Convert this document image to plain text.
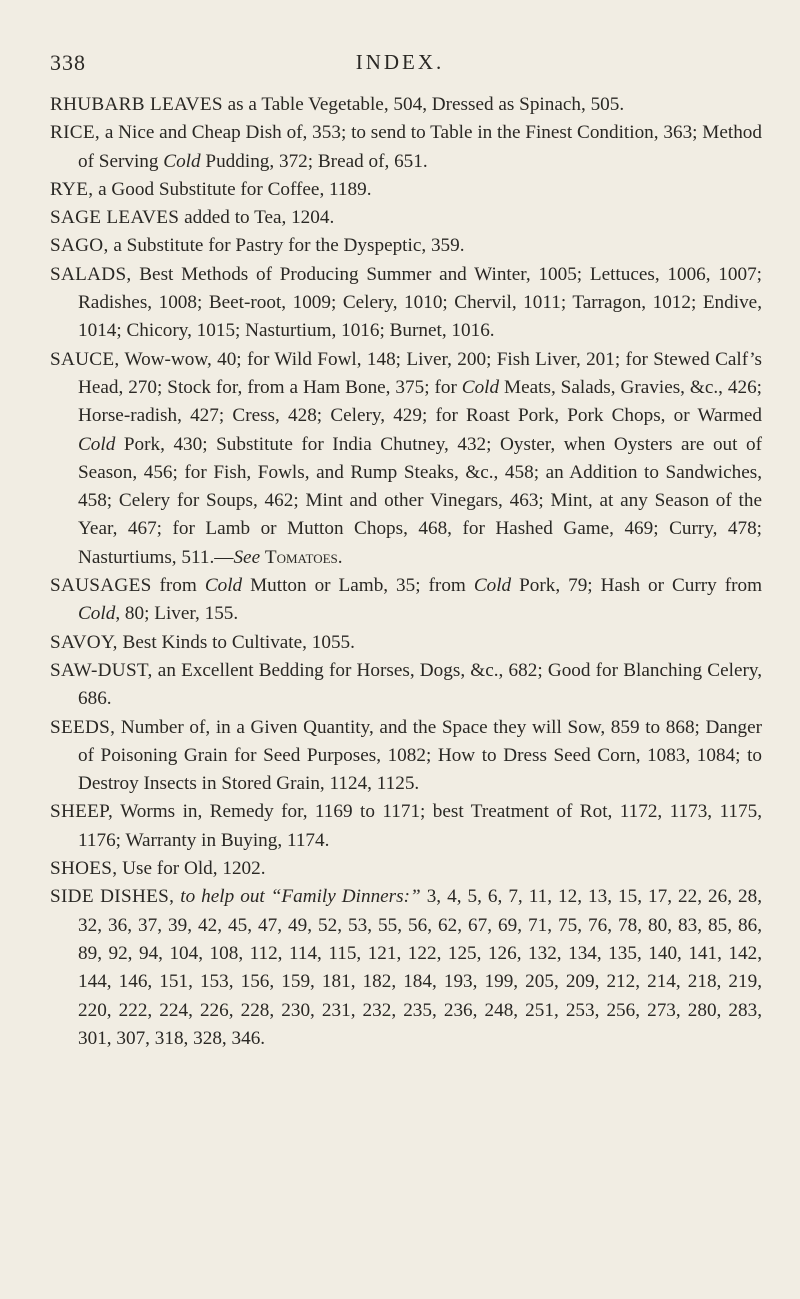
338	INDEX.
RHUBARB LEAVES as a Table Vegetable, 504, Dressed as Spinach, 505.
RICE, a Nice and Cheap Dish of, 353; to send to Table in the Finest Condition, 363; Method of Serving Cold Pudding, 372; Bread of, 651.
RYE, a Good Substitute for Coffee, 1189.
SAGE LEAVES added to Tea, 1204.
SAGO, a Substitute for Pastry for the Dyspeptic, 359.
SALADS, Best Methods of Producing Summer and Winter, 1005; Lettuces, 1006, 1007; Radishes, 1008; Beet-root, 1009; Celery, 1010; Chervil, 1011; Tarragon, 1012; Endive, 1014; Chicory, 1015; Nasturtium, 1016; Burnet, 1016.
SAUCE, Wow-wow, 40; for Wild Fowl, 148; Liver, 200; Fish Liver, 201; for Stewed Calf’s Head, 270; Stock for, from a Ham Bone, 375; for Cold Meats, Salads, Gravies, &c., 426; Horse-radish, 427; Cress, 428; Celery, 429; for Roast Pork, Pork Chops, or Warmed Cold Pork, 430; Substitute for India Chutney, 432; Oyster, when Oysters are out of Season, 456; for Fish, Fowls, and Rump Steaks, &c., 458; an Addition to Sandwiches, 458; Celery for Soups, 462; Mint and other Vinegars, 463; Mint, at any Season of the Year, 467; for Lamb or Mutton Chops, 468, for Hashed Game, 469; Curry, 478; Nasturtiums, 511.—See Tomatoes.
SAUSAGES from Cold Mutton or Lamb, 35; from Cold Pork, 79; Hash or Curry from Cold, 80; Liver, 155.
SAVOY, Best Kinds to Cultivate, 1055.
SAW-DUST, an Excellent Bedding for Horses, Dogs, &c., 682; Good for Blanching Celery, 686.
SEEDS, Number of, in a Given Quantity, and the Space they will Sow, 859 to 868; Danger of Poisoning Grain for Seed Purposes, 1082; How to Dress Seed Corn, 1083, 1084; to Destroy Insects in Stored Grain, 1124, 1125.
SHEEP, Worms in, Remedy for, 1169 to 1171; best Treatment of Rot, 1172, 1173, 1175, 1176; Warranty in Buying, 1174.
SHOES, Use for Old, 1202.
SIDE DISHES, to help out “Family Dinners:” 3, 4, 5, 6, 7, 11, 12, 13, 15, 17, 22, 26, 28, 32, 36, 37, 39, 42, 45, 47, 49, 52, 53, 55, 56, 62, 67, 69, 71, 75, 76, 78, 80, 83, 85, 86, 89, 92, 94, 104, 108, 112, 114, 115, 121, 122, 125, 126, 132, 134, 135, 140, 141, 142, 144, 146, 151, 153, 156, 159, 181, 182, 184, 193, 199, 205, 209, 212, 214, 218, 219, 220, 222, 224, 226, 228, 230, 231, 232, 235, 236, 248, 251, 253, 256, 273, 280, 283, 301, 307, 318, 328, 346.
